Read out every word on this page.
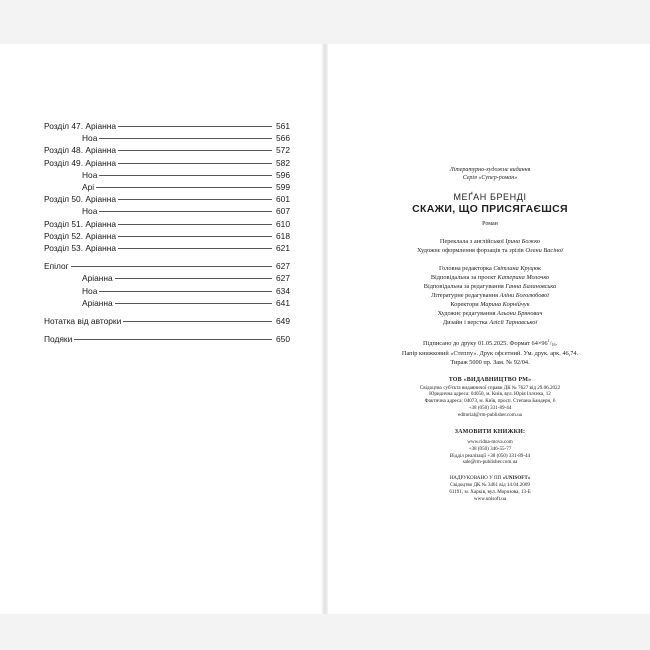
Розділ 47. Аріанна	561
Ноа	566
Розділ 48. Аріанна	572
Розділ 49. Аріанна	582
Ноа	596
Арі	599
Розділ 50. Аріанна	601
Ноа	607
Розділ 51. Аріанна	610
Розділ 52. Аріанна	618
Розділ 53. Аріанна	621
Епілог	627
Аріанна	627
Ноа	634
Аріанна	641
Нотатка від авторки	649
Подяки	650
Літературно-художнє видання
Серія «Супер-роман»
МЕҐАН БРЕНДІ
СКАЖИ, ЩО ПРИСЯГАЄШСЯ
Роман
Переклала з англійської Ірина Божко
Художнє оформлення форзаців та зрізів Олени Васіної
Головна редакторка Світлана Круцюк
Відповідальна за проєкт Катерина Молочко
Відповідальна за редагування Ганна Балановська
Літературне редагування Аліни Боголюбової
Коректори Марина Корнійчук
Художнє редагування Альони Брянович
Дизайн і верстка Алісії Тарнавської
Підписано до друку 01.05.2025. Формат $64\times 96^1/_{16}$.
Папір книжковий «Степпу». Друк офсетний. Ум. друк. арк. 46,74.
Тираж 5000 пр. Зам. № 92/04.
ТОВ «ВИДАВНИЦТВО РМ»
Свідоцтво суб'єкта видавничої справи ДК № 7627 від 29.06.2022
Юридична адреса: 04050, м. Київ, вул. Юрія Іллєнка, 12
Фактична адреса: 04073, м. Київ, просп. Степана Бандери, 6
+38 (050) 331-89-44
editorial@rm-publisher.com.ua
ЗАМОВИТИ КНИЖКИ:
www.ridna-mova.com
+38 (050) 346-55-77
Відділ реалізації +38 (050) 331-89-44
sale@rm-publisher.com.ua
НАДРУКОВАНО У ПП «UNISOFT»
Свідоцтво ДК № 3461 від 14.04.2009
61191, м. Харків, вул. Морозова, 13-Б
www.unisoft.ua
